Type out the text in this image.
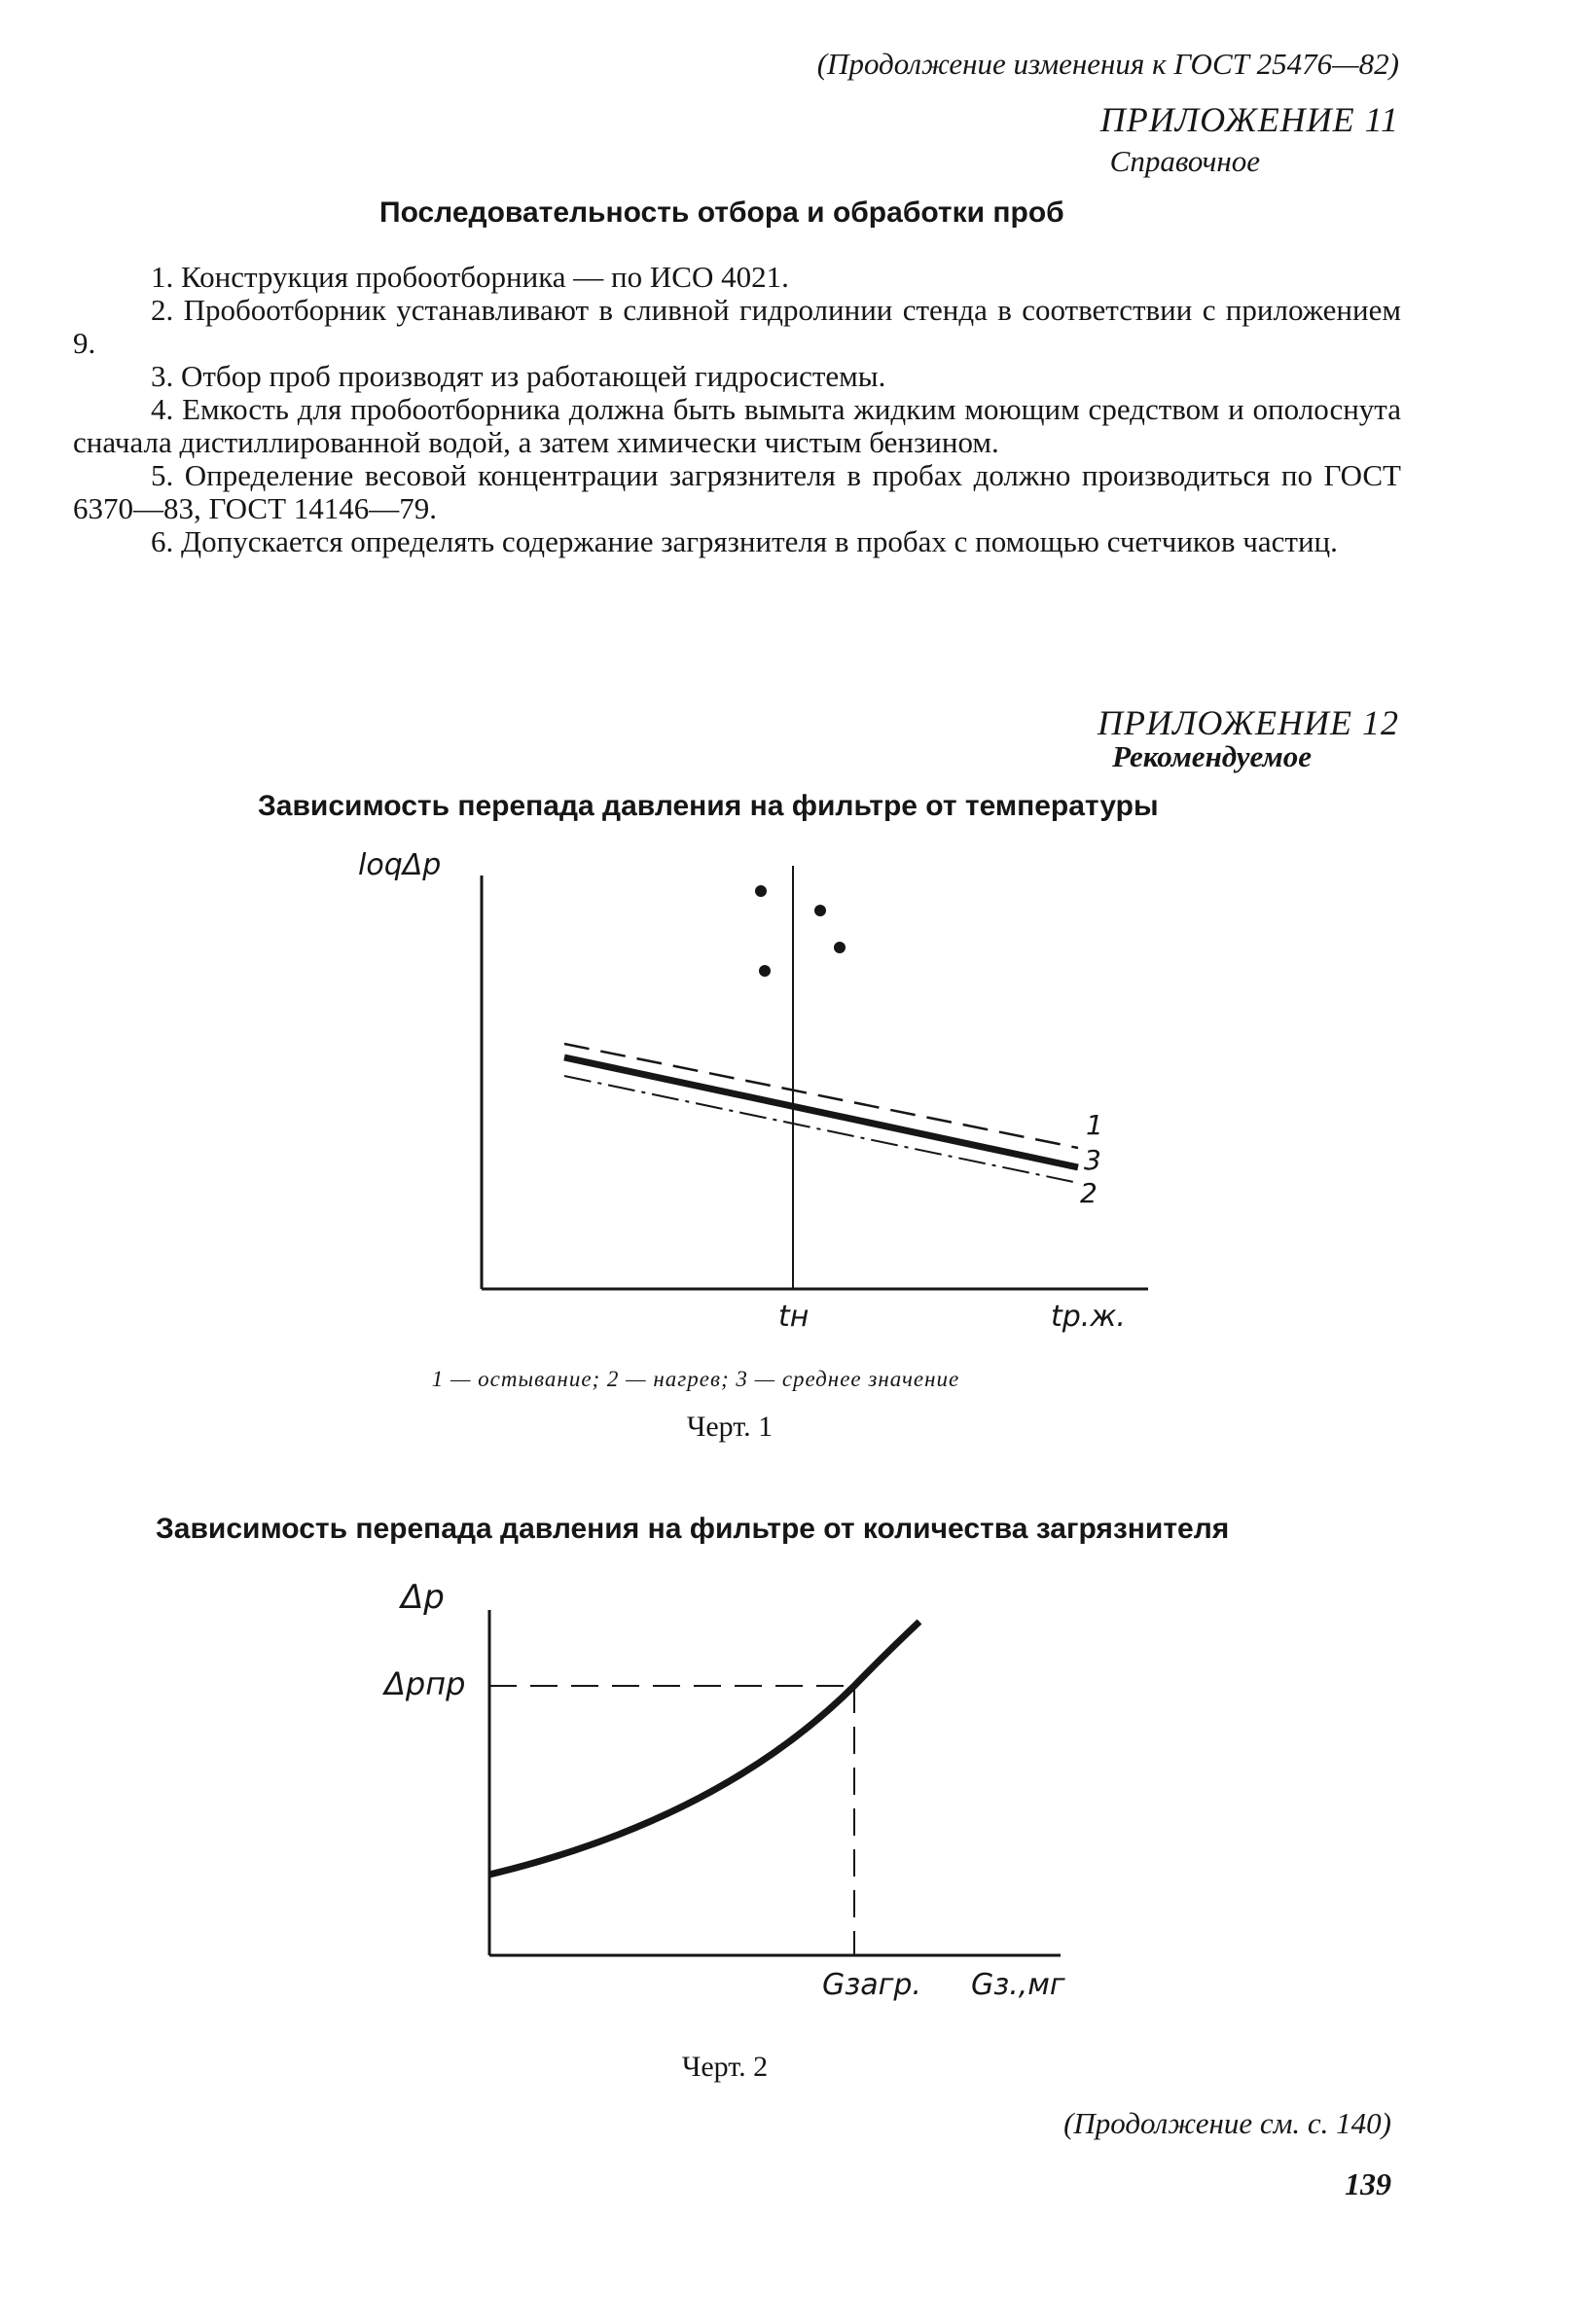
(Продолжение изменения к ГОСТ 25476—82)
ПРИЛОЖЕНИЕ 11
Справочное
Последовательность отбора и обработки проб

1. Конструкция пробоотборника — по ИСО 4021.

2. Пробоотборник устанавливают в сливной гидролинии стенда в соответствии с приложением 9.

3. Отбор проб производят из работающей гидросистемы.

4. Емкость для пробоотборника должна быть вымыта жидким моющим средством и ополоснута сначала дистиллированной водой, а затем химически чистым бензином.

5. Определение весовой концентрации загрязнителя в пробах должно производиться по ГОСТ 6370—83, ГОСТ 14146—79.

6. Допускается определять содержание загрязнителя в пробах с помощью счетчиков частиц.

ПРИЛОЖЕНИЕ 12
Рекомендуемое
Зависимость перепада давления на фильтре от температуры
loqΔp
1
3
2
tн	tр.ж.
1 — остывание; 2 — нагрев; 3 — среднее значение
Черт. 1
Зависимость перепада давления на фильтре от количества загрязнителя
Δp
Δpпр
Gзагр. Gз.,мг
Черт. 2
(Продолжение см. с. 140)
139
